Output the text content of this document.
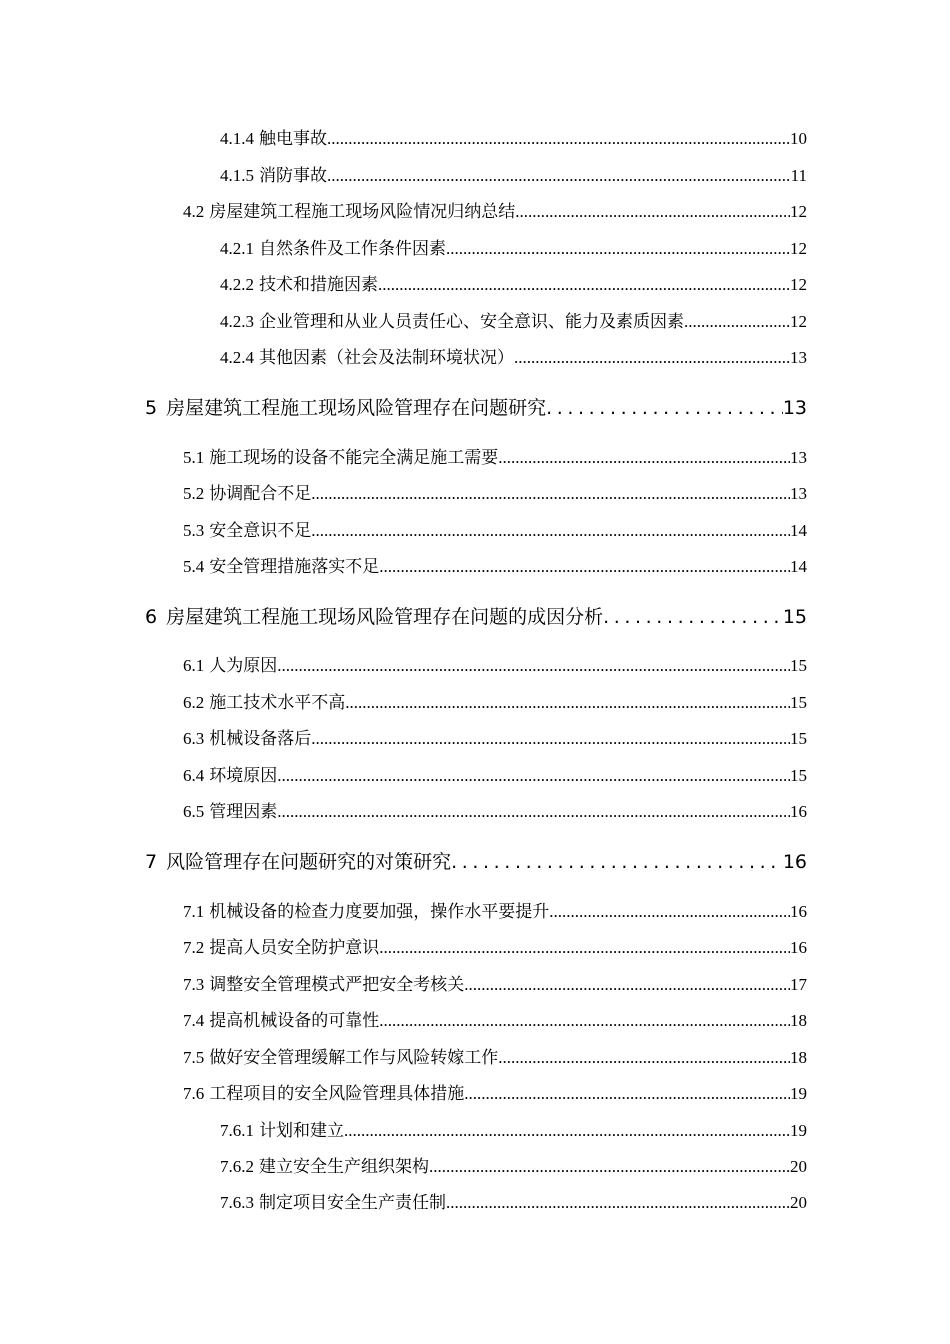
4.1.4 触电事故 .....	10
4.1.5 消防事故 .....	11
4.2 房屋建筑工程施工现场风险情况归纳总结 .....	12
4.2.1 自然条件及工作条件因素 .....	12
4.2.2 技术和措施因素 .....	12
4.2.3 企业管理和从业人员责任心、安全意识、能力及素质因素 .....	12
4.2.4 其他因素（社会及法制环境状况） .....	13
5 房屋建筑工程施工现场风险管理存在问题研究 .....	13
5.1 施工现场的设备不能完全满足施工需要 .....	13
5.2 协调配合不足 .....	13
5.3 安全意识不足 .....	14
5.4 安全管理措施落实不足 .....	14
6 房屋建筑工程施工现场风险管理存在问题的成因分析 .....	15
6.1 人为原因 .....	15
6.2 施工技术水平不高 .....	15
6.3 机械设备落后 .....	15
6.4 环境原因 .....	15
6.5 管理因素 .....	16
7 风险管理存在问题研究的对策研究 .....	16
7.1 机械设备的检查力度要加强，操作水平要提升 .....	16
7.2 提高人员安全防护意识 .....	16
7.3 调整安全管理模式严把安全考核关 .....	17
7.4 提高机械设备的可靠性 .....	18
7.5 做好安全管理缓解工作与风险转嫁工作 .....	18
7.6 工程项目的安全风险管理具体措施 .....	19
7.6.1 计划和建立 .....	19
7.6.2 建立安全生产组织架构 .....	20
7.6.3 制定项目安全生产责任制 .....	20
